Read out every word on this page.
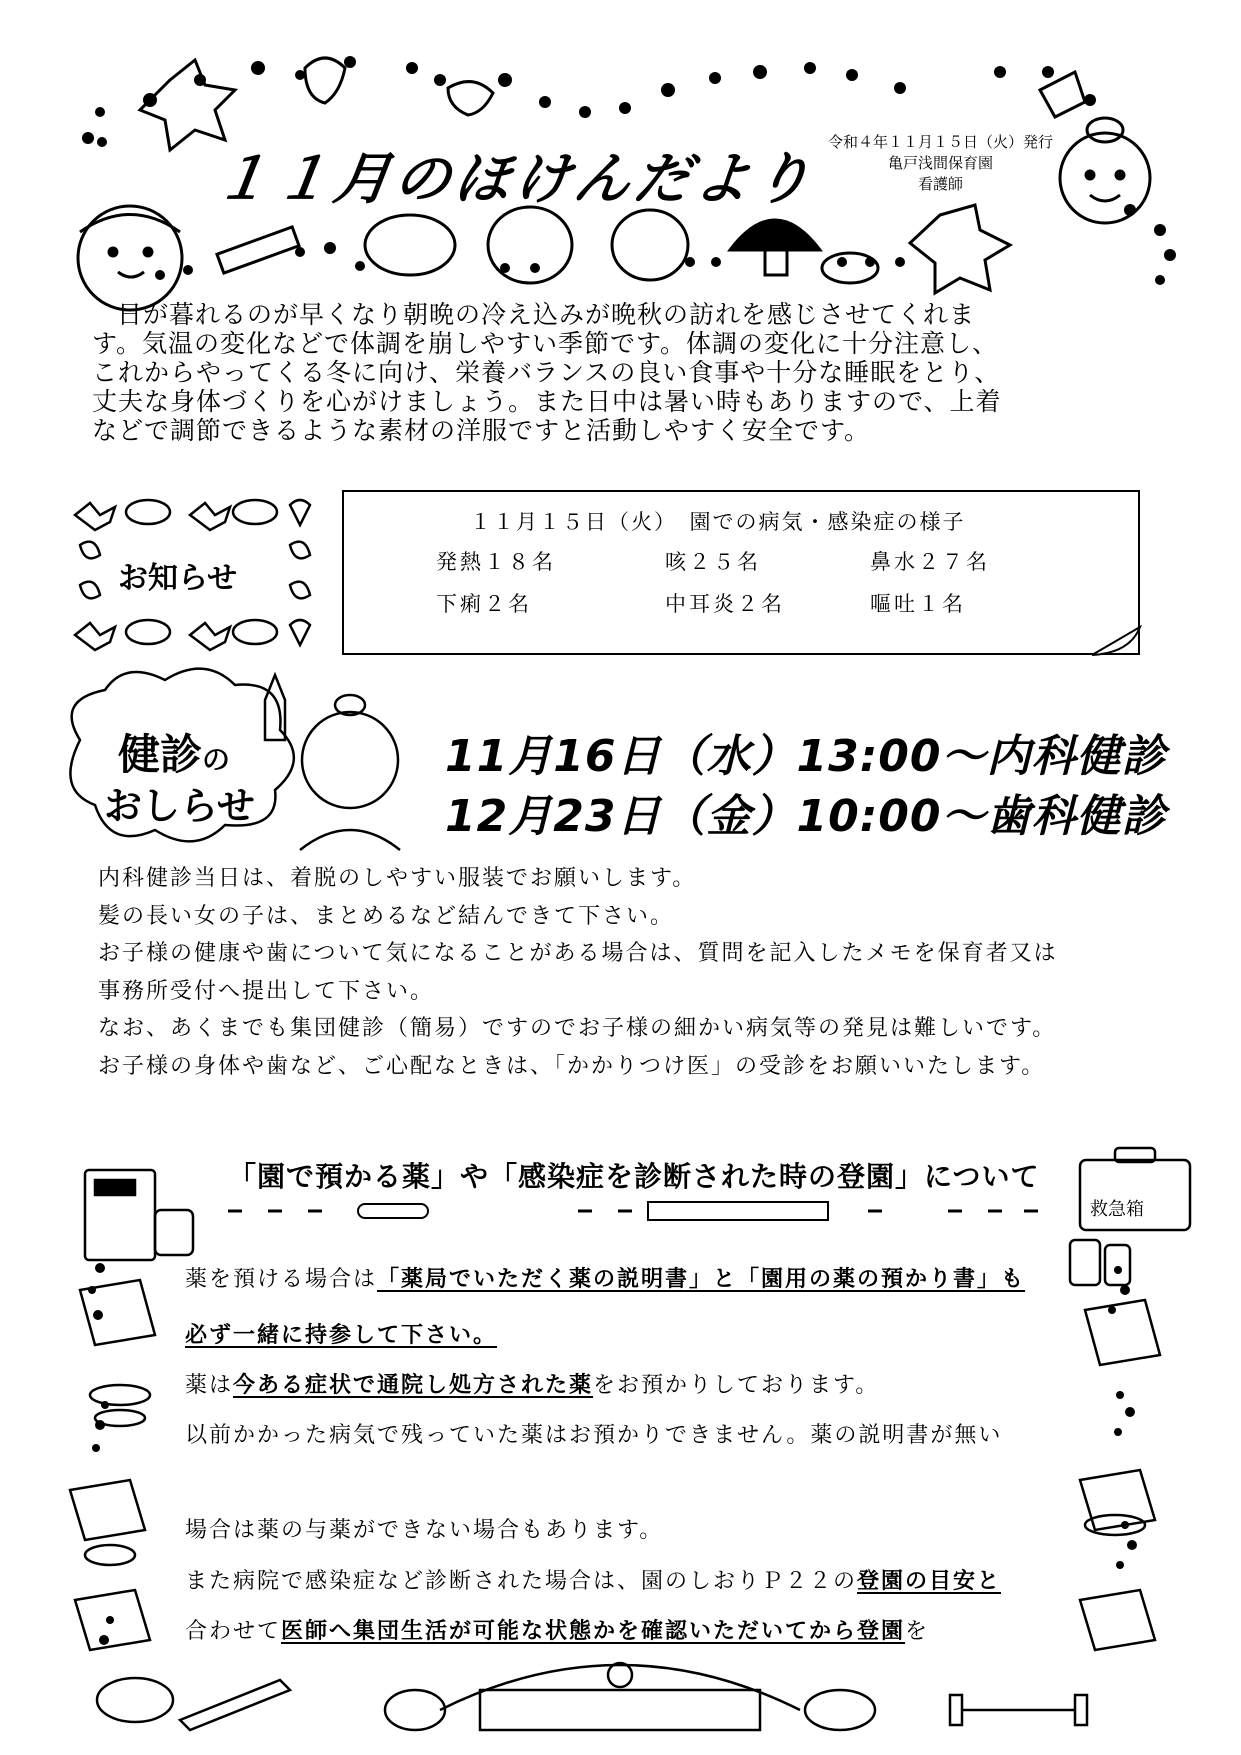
１１月のほけんだより
令和４年１１月１５日（火）発行
亀戸浅間保育園
看護師

日が暮れるのが早くなり朝晩の冷え込みが晩秋の訪れを感じさせてくれま

す。気温の変化などで体調を崩しやすい季節です。体調の変化に十分注意し、
これからやってくる冬に向け、栄養バランスの良い食事や十分な睡眠をとり、
丈夫な身体づくりを心がけましょう。また日中は暑い時もありますので、上着
などで調節できるような素材の洋服ですと活動しやすく安全です。
お知らせ
１１月１５日（火）　園での病気・感染症の様子
発熱１８名	咳２５名	鼻水２７名
下痢２名	中耳炎２名	嘔吐１名
健診の
おしらせ
11月16日（水）13:00～内科健診
12月23日（金）10:00～歯科健診

内科健診当日は、着脱のしやすい服装でお願いします。

髪の長い女の子は、まとめるなど結んできて下さい。

お子様の健康や歯について気になることがある場合は、質問を記入したメモを保育者又は

事務所受付へ提出して下さい。

なお、あくまでも集団健診（簡易）ですのでお子様の細かい病気等の発見は難しいです。

お子様の身体や歯など、ご心配なときは、「かかりつけ医」の受診をお願いいたします。

「園で預かる薬」や「感染症を診断された時の登園」について
救急箱
薬を預ける場合は「薬局でいただく薬の説明書」と「園用の薬の預かり書」も
必ず一緒に持参して下さい。
薬は今ある症状で通院し処方された薬をお預かりしております。
以前かかった病気で残っていた薬はお預かりできません。薬の説明書が無い
場合は薬の与薬ができない場合もあります。
また病院で感染症など診断された場合は、園のしおりＰ２２の登園の目安と
合わせて医師へ集団生活が可能な状態かを確認いただいてから登園を
